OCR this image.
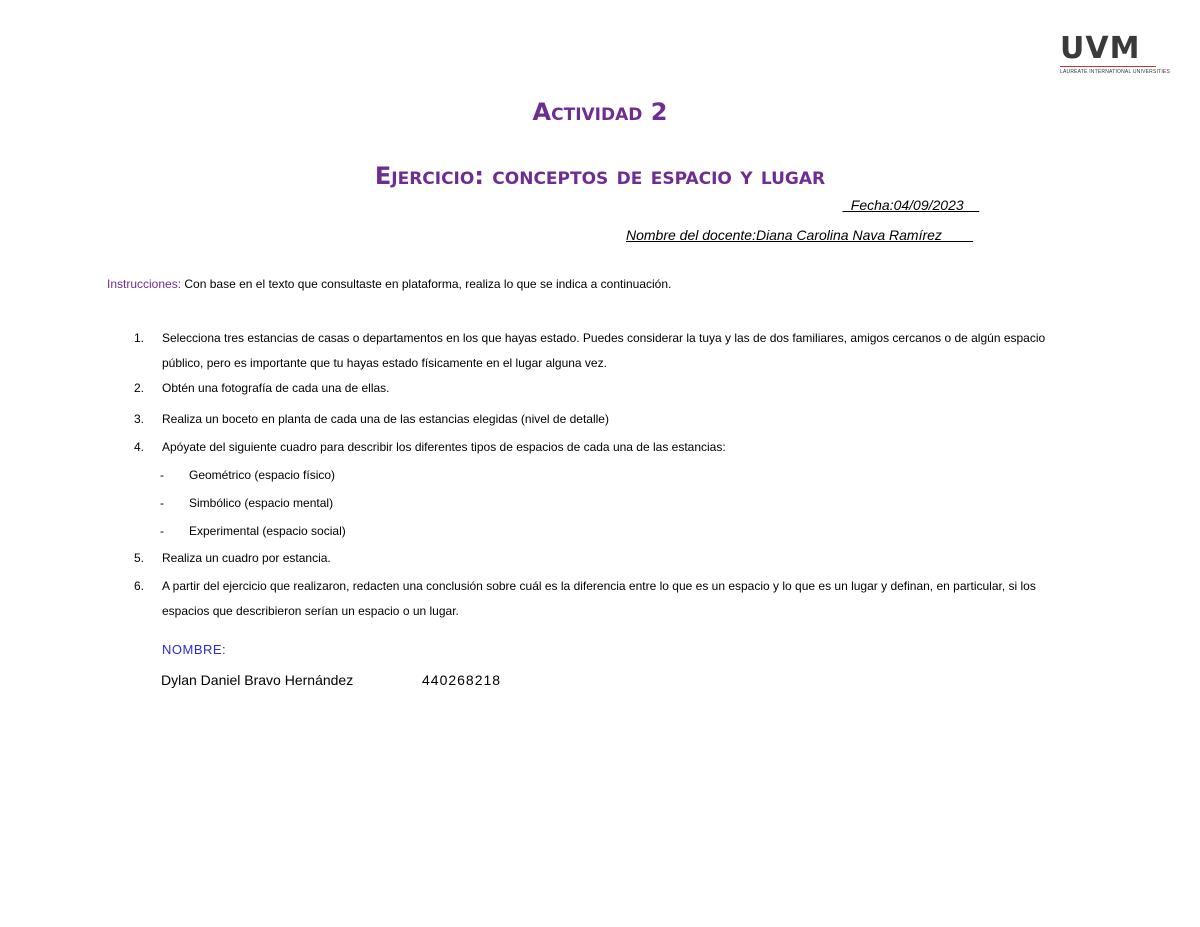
UVM
LAUREATE INTERNATIONAL UNIVERSITIES
Actividad 2
Ejercicio: conceptos de espacio y lugar
_Fecha:04/09/2023__
Nombre del docente:Diana Carolina Nava Ramírez____
Instrucciones: Con base en el texto que consultaste en plataforma, realiza lo que se indica a continuación.
1. Selecciona tres estancias de casas o departamentos en los que hayas estado. Puedes considerar la tuya y las de dos familiares, amigos cercanos o de algún espacio
público, pero es importante que tu hayas estado físicamente en el lugar alguna vez.
2. Obtén una fotografía de cada una de ellas.
3. Realiza un boceto en planta de cada una de las estancias elegidas (nivel de detalle)
4. Apóyate del siguiente cuadro para describir los diferentes tipos de espacios de cada una de las estancias:
- Geométrico (espacio físico)
- Simbólico (espacio mental)
- Experimental (espacio social)
5. Realiza un cuadro por estancia.
6. A partir del ejercicio que realizaron, redacten una conclusión sobre cuál es la diferencia entre lo que es un espacio y lo que es un lugar y definan, en particular, si los
espacios que describieron serían un espacio o un lugar.
NOMBRE:
Dylan Daniel Bravo Hernández	440268218
